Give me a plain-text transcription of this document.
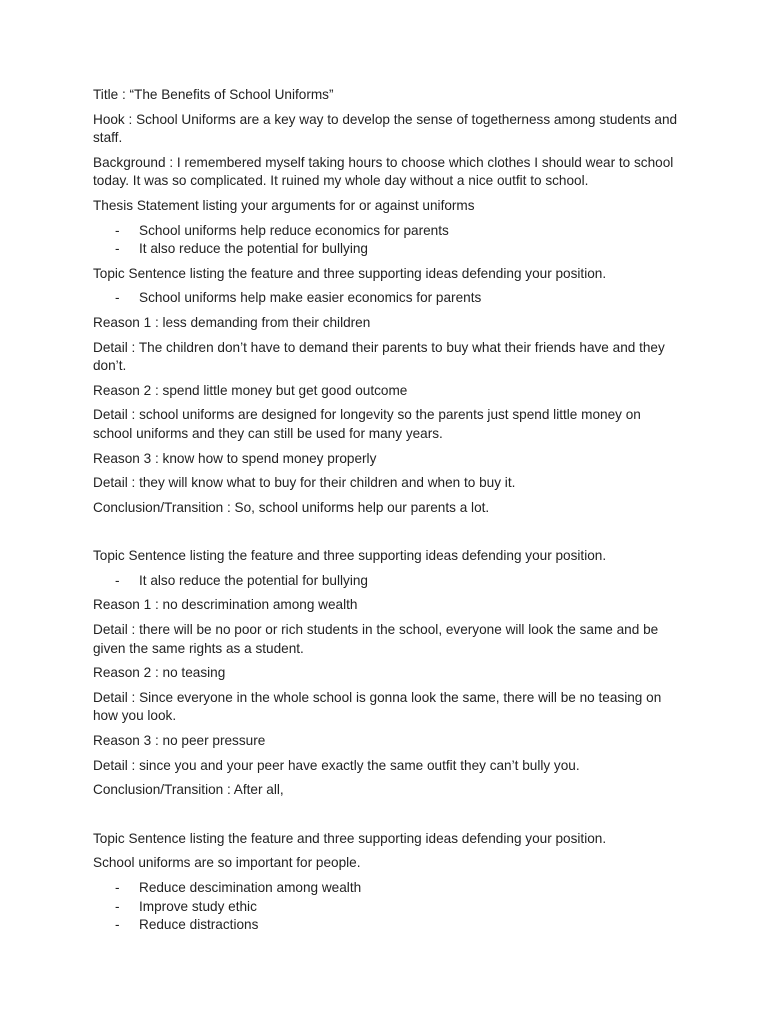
Title : “The Benefits of School Uniforms”

Hook : School Uniforms are a key way to develop the sense of togetherness among students and staff.

Background : I remembered myself taking hours to choose which clothes I should wear to school today. It was so complicated. It ruined my whole day without a nice outfit to school.

Thesis Statement listing your arguments for or against uniforms

- School uniforms help reduce economics for parents
- It also reduce the potential for bullying

Topic Sentence listing the feature and three supporting ideas defending your position.

- School uniforms help make easier economics for parents

Reason 1 : less demanding from their children

Detail : The children don’t have to demand their parents to buy what their friends have and they don’t.

Reason 2 : spend little money but get good outcome

Detail : school uniforms are designed for longevity so the parents just spend little money on school uniforms and they can still be used for many years.

Reason 3 : know how to spend money properly

Detail : they will know what to buy for their children and when to buy it.

Conclusion/Transition : So, school uniforms help our parents a lot.

Topic Sentence listing the feature and three supporting ideas defending your position.

- It also reduce the potential for bullying

Reason 1 : no descrimination among wealth

Detail : there will be no poor or rich students in the school, everyone will look the same and be given the same rights as a student.

Reason 2 : no teasing

Detail : Since everyone in the whole school is gonna look the same, there will be no teasing on how you look.

Reason 3 : no peer pressure

Detail : since you and your peer have exactly the same outfit they can’t bully you.

Conclusion/Transition : After all,

Topic Sentence listing the feature and three supporting ideas defending your position.

School uniforms are so important for people.

- Reduce descimination among wealth
- Improve study ethic
- Reduce distractions
